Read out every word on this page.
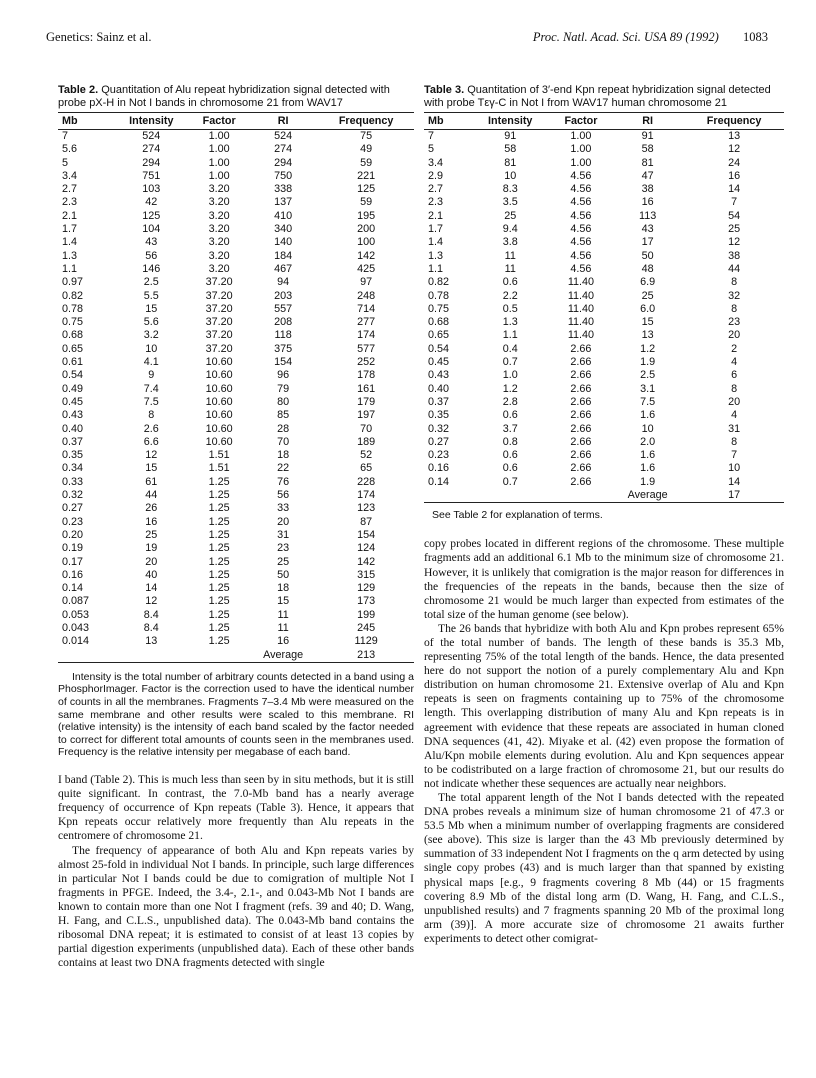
Genetics: Sainz et al.	Proc. Natl. Acad. Sci. USA 89 (1992) 1083
Table 2. Quantitation of Alu repeat hybridization signal detected with probe pX-H in Not I bands in chromosome 21 from WAV17
Mb	Intensity	Factor	RI	Frequency
7	524	1.00	524	75
5.6	274	1.00	274	49
5	294	1.00	294	59
3.4	751	1.00	750	221
2.7	103	3.20	338	125
2.3	42	3.20	137	59
2.1	125	3.20	410	195
1.7	104	3.20	340	200
1.4	43	3.20	140	100
1.3	56	3.20	184	142
1.1	146	3.20	467	425
0.97	2.5	37.20	94	97
0.82	5.5	37.20	203	248
0.78	15	37.20	557	714
0.75	5.6	37.20	208	277
0.68	3.2	37.20	118	174
0.65	10	37.20	375	577
0.61	4.1	10.60	154	252
0.54	9	10.60	96	178
0.49	7.4	10.60	79	161
0.45	7.5	10.60	80	179
0.43	8	10.60	85	197
0.40	2.6	10.60	28	70
0.37	6.6	10.60	70	189
0.35	12	1.51	18	52
0.34	15	1.51	22	65
0.33	61	1.25	76	228
0.32	44	1.25	56	174
0.27	26	1.25	33	123
0.23	16	1.25	20	87
0.20	25	1.25	31	154
0.19	19	1.25	23	124
0.17	20	1.25	25	142
0.16	40	1.25	50	315
0.14	14	1.25	18	129
0.087	12	1.25	15	173
0.053	8.4	1.25	11	199
0.043	8.4	1.25	11	245
0.014	13	1.25	16	1129
			Average	213
Intensity is the total number of arbitrary counts detected in a band using a PhosphorImager. Factor is the correction used to have the identical number of counts in all the membranes. Fragments 7–3.4 Mb were measured on the same membrane and other results were scaled to this membrane. RI (relative intensity) is the intensity of each band scaled by the factor needed to correct for different total amounts of counts seen in the membranes used. Frequency is the relative intensity per megabase of each band.

I band (Table 2). This is much less than seen by in situ methods, but it is still quite significant. In contrast, the 7.0-Mb band has a nearly average frequency of occurrence of Kpn repeats (Table 3). Hence, it appears that Kpn repeats occur relatively more frequently than Alu repeats in the centromere of chromosome 21.

The frequency of appearance of both Alu and Kpn repeats varies by almost 25-fold in individual Not I bands. In principle, such large differences in particular Not I bands could be due to comigration of multiple Not I fragments in PFGE. Indeed, the 3.4-, 2.1-, and 0.043-Mb Not I bands are known to contain more than one Not I fragment (refs. 39 and 40; D. Wang, H. Fang, and C.L.S., unpublished data). The 0.043-Mb band contains the ribosomal DNA repeat; it is estimated to consist of at least 13 copies by partial digestion experiments (unpublished data). Each of these other bands contains at least two DNA fragments detected with single

Table 3. Quantitation of 3′-end Kpn repeat hybridization signal detected with probe Tεγ-C in Not I from WAV17 human chromosome 21
Mb	Intensity	Factor	RI	Frequency
7	91	1.00	91	13
5	58	1.00	58	12
3.4	81	1.00	81	24
2.9	10	4.56	47	16
2.7	8.3	4.56	38	14
2.3	3.5	4.56	16	7
2.1	25	4.56	113	54
1.7	9.4	4.56	43	25
1.4	3.8	4.56	17	12
1.3	11	4.56	50	38
1.1	11	4.56	48	44
0.82	0.6	11.40	6.9	8
0.78	2.2	11.40	25	32
0.75	0.5	11.40	6.0	8
0.68	1.3	11.40	15	23
0.65	1.1	11.40	13	20
0.54	0.4	2.66	1.2	2
0.45	0.7	2.66	1.9	4
0.43	1.0	2.66	2.5	6
0.40	1.2	2.66	3.1	8
0.37	2.8	2.66	7.5	20
0.35	0.6	2.66	1.6	4
0.32	3.7	2.66	10	31
0.27	0.8	2.66	2.0	8
0.23	0.6	2.66	1.6	7
0.16	0.6	2.66	1.6	10
0.14	0.7	2.66	1.9	14
			Average	17
See Table 2 for explanation of terms.

copy probes located in different regions of the chromosome. These multiple fragments add an additional 6.1 Mb to the minimum size of chromosome 21. However, it is unlikely that comigration is the major reason for differences in the frequencies of the repeats in the bands, because then the size of chromosome 21 would be much larger than expected from estimates of the total size of the human genome (see below).

The 26 bands that hybridize with both Alu and Kpn probes represent 65% of the total number of bands. The length of these bands is 35.3 Mb, representing 75% of the total length of the bands. Hence, the data presented here do not support the notion of a purely complementary Alu and Kpn distribution on human chromosome 21. Extensive overlap of Alu and Kpn repeats is seen on fragments containing up to 75% of the chromosome length. This overlapping distribution of many Alu and Kpn repeats is in agreement with evidence that these repeats are associated in human cloned DNA sequences (41, 42). Miyake et al. (42) even propose the formation of Alu/Kpn mobile elements during evolution. Alu and Kpn sequences appear to be codistributed on a large fraction of chromosome 21, but our results do not indicate whether these sequences are actually near neighbors.

The total apparent length of the Not I bands detected with the repeated DNA probes reveals a minimum size of human chromosome 21 of 47.3 or 53.5 Mb when a minimum number of overlapping fragments are considered (see above). This size is larger than the 43 Mb previously determined by summation of 33 independent Not I fragments on the q arm detected by using single copy probes (43) and is much larger than that spanned by existing physical maps [e.g., 9 fragments covering 8 Mb (44) or 15 fragments covering 8.9 Mb of the distal long arm (D. Wang, H. Fang, and C.L.S., unpublished results) and 7 fragments spanning 20 Mb of the proximal long arm (39)]. A more accurate size of chromosome 21 awaits further experiments to detect other comigrat-
